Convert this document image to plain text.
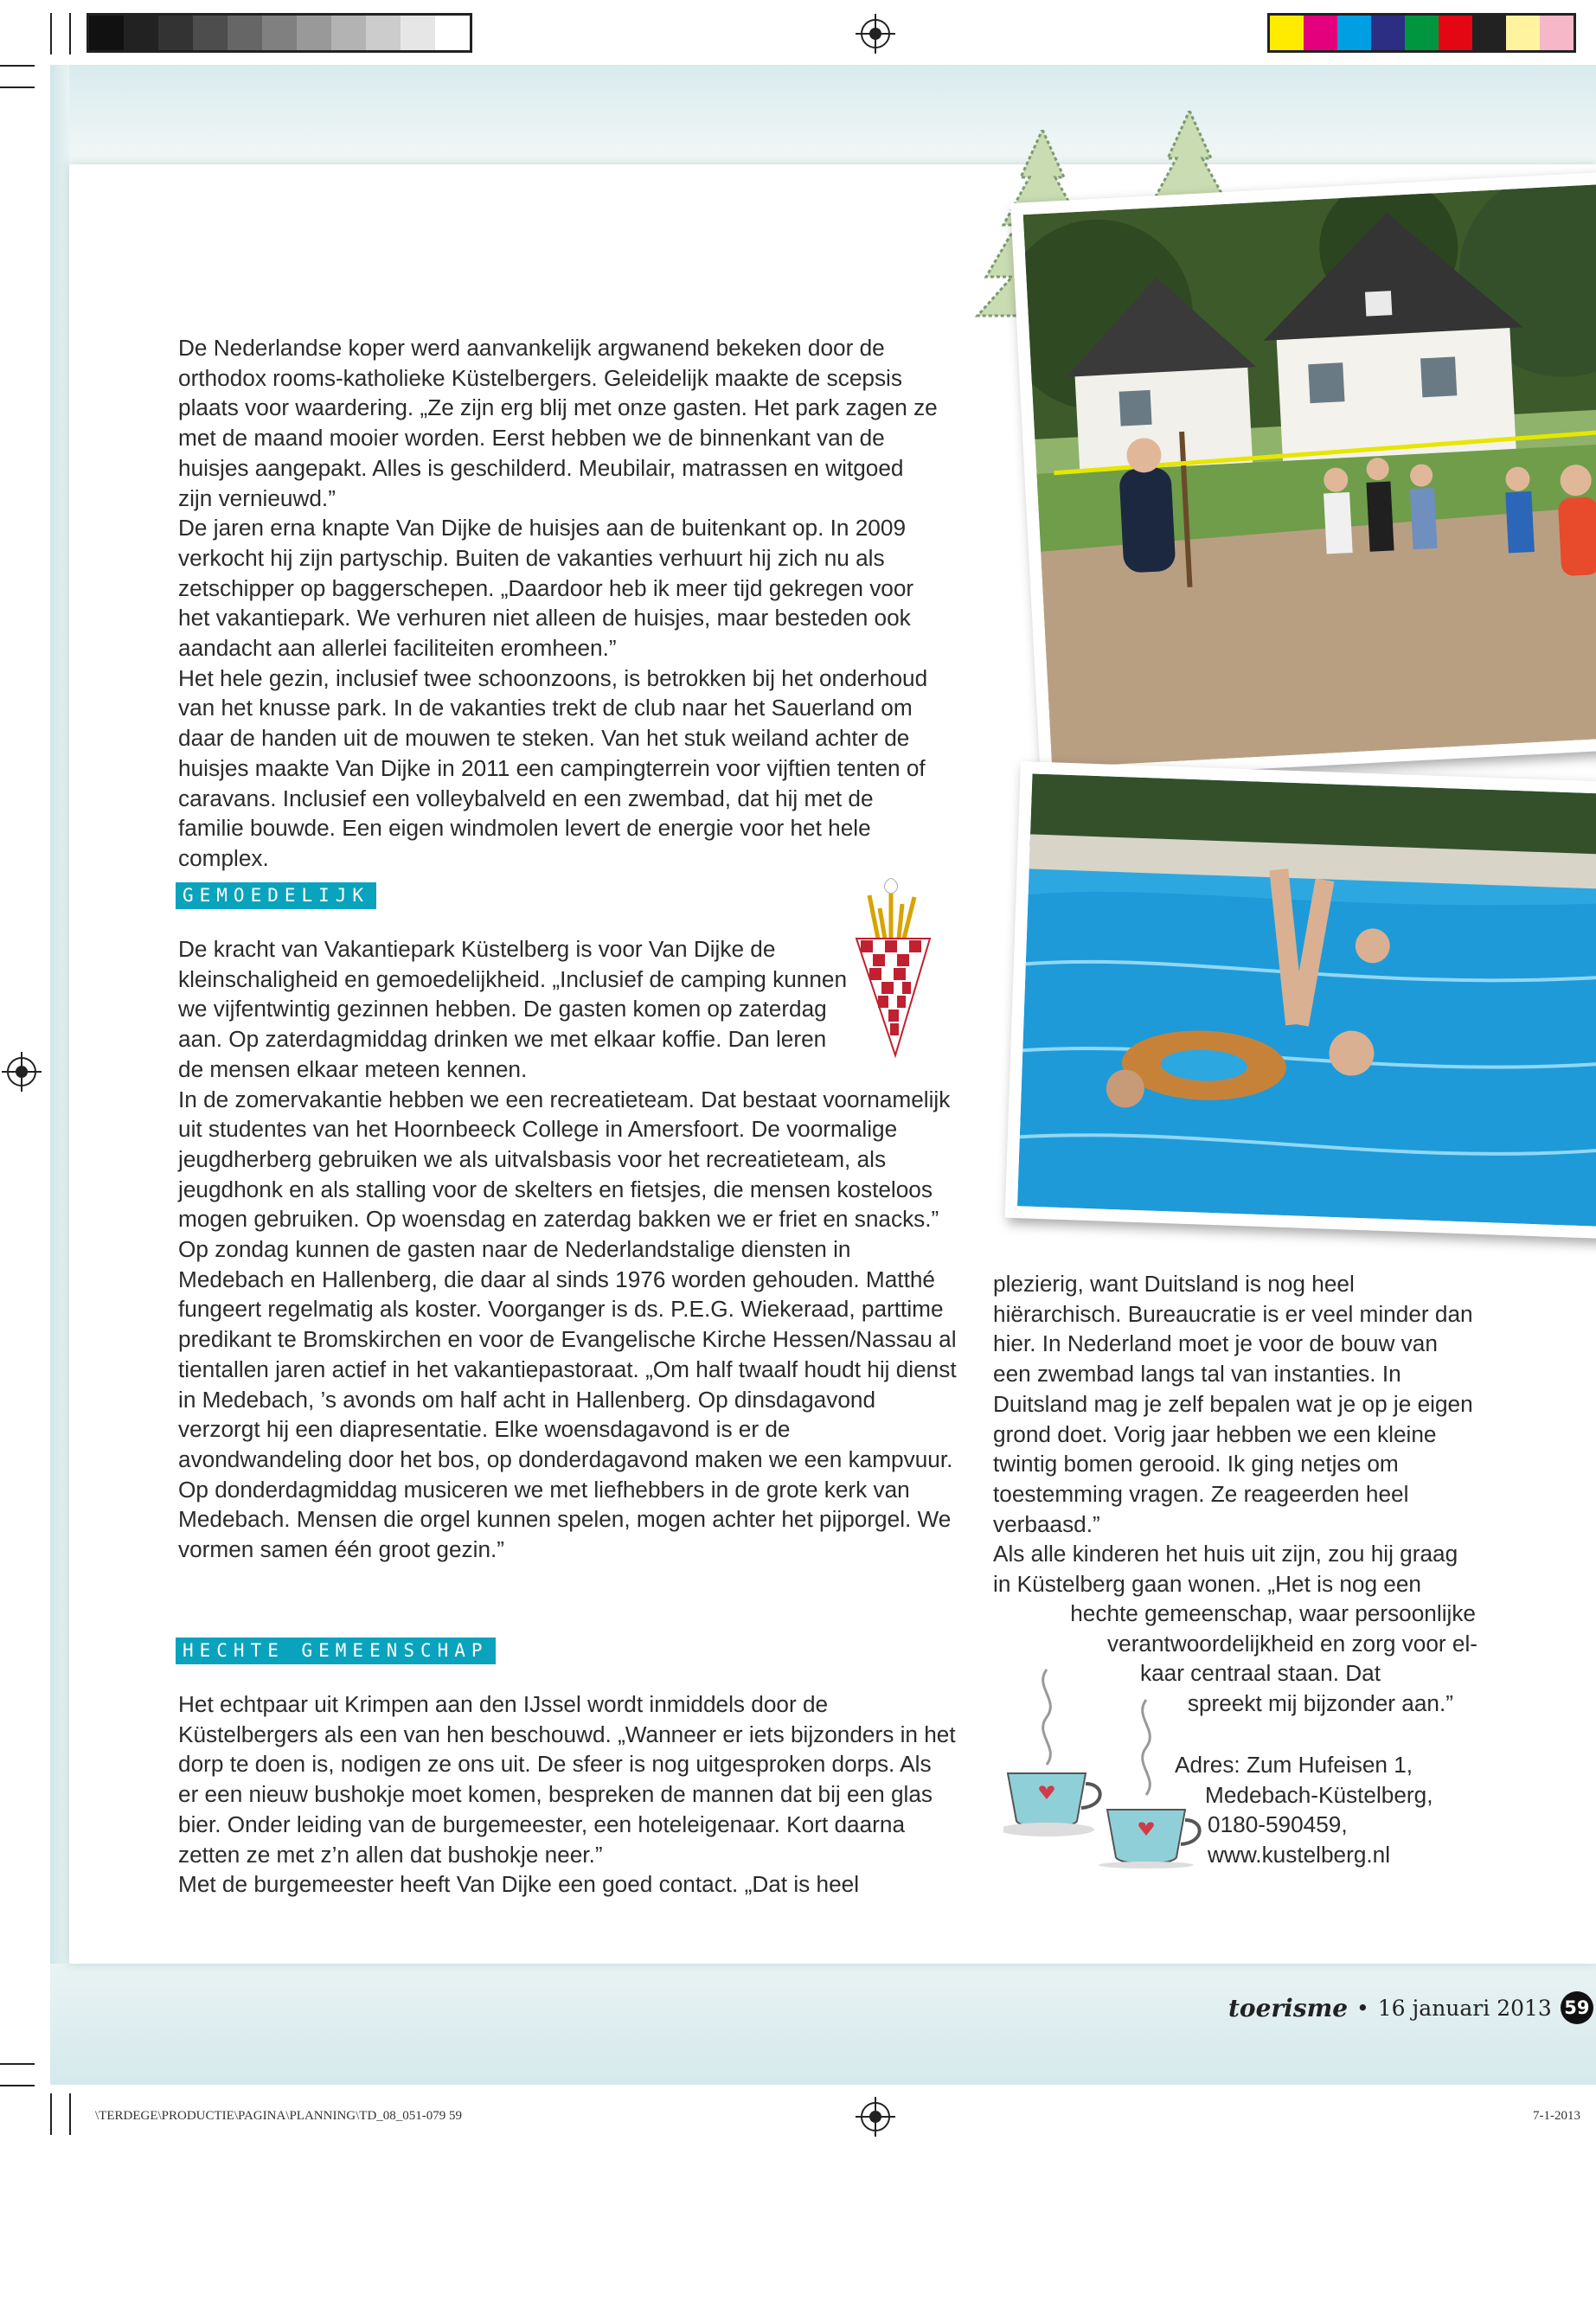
De Nederlandse koper werd aanvankelijk argwanend bekeken door de orthodox rooms-katholieke Küstelbergers. Geleidelijk maakte de scepsis plaats voor waardering. „Ze zijn erg blij met onze gasten. Het park zagen ze met de maand mooier worden. Eerst hebben we de binnenkant van de huisjes aangepakt. Alles is geschilderd. Meubilair, matrassen en witgoed zijn vernieuwd.”

De jaren erna knapte Van Dijke de huisjes aan de buitenkant op. In 2009 verkocht hij zijn partyschip. Buiten de vakanties verhuurt hij zich nu als zetschipper op baggerschepen. „Daardoor heb ik meer tijd gekregen voor het vakantiepark. We verhuren niet alleen de huisjes, maar besteden ook aandacht aan allerlei faciliteiten eromheen.”

Het hele gezin, inclusief twee schoonzoons, is betrokken bij het onderhoud van het knusse park. In de vakanties trekt de club naar het Sauerland om daar de handen uit de mouwen te steken. Van het stuk weiland achter de huisjes maakte Van Dijke in 2011 een campingterrein voor vijftien tenten of caravans. Inclusief een volleybalveld en een zwembad, dat hij met de familie bouwde. Een eigen windmolen levert de energie voor het hele complex.

GEMOEDELIJK

De kracht van Vakantiepark Küstelberg is voor Van Dijke de kleinschaligheid en gemoedelijkheid. „Inclusief de camping kunnen we vijfentwintig gezinnen hebben. De gasten komen op zaterdag aan. Op zaterdagmiddag drinken we met elkaar koffie. Dan leren de mensen elkaar meteen kennen.

In de zomervakantie hebben we een recreatieteam. Dat bestaat voornamelijk uit studentes van het Hoornbeeck College in Amersfoort. De voormalige jeugdherberg gebruiken we als uitvalsbasis voor het recreatieteam, als jeugdhonk en als stalling voor de skelters en fietsjes, die mensen kosteloos mogen gebruiken. Op woensdag en zaterdag bakken we er friet en snacks.”

Op zondag kunnen de gasten naar de Nederlandstalige diensten in Medebach en Hallenberg, die daar al sinds 1976 worden gehouden. Matthé fungeert regelmatig als koster. Voorganger is ds. P.E.G. Wiekeraad, parttime predikant te Bromskirchen en voor de Evangelische Kirche Hessen/Nassau al tientallen jaren actief in het vakantiepastoraat. „Om half twaalf houdt hij dienst in Medebach, ’s avonds om half acht in Hallenberg. Op dinsdagavond verzorgt hij een diapresentatie. Elke woensdagavond is er de avondwandeling door het bos, op donderdagavond maken we een kampvuur. Op donderdagmiddag musiceren we met liefhebbers in de grote kerk van Medebach. Mensen die orgel kunnen spelen, mogen achter het pijporgel. We vormen samen één groot gezin.”

HECHTE GEMEENSCHAP

Het echtpaar uit Krimpen aan den IJssel wordt inmiddels door de Küstelbergers als een van hen beschouwd. „Wanneer er iets bijzonders in het dorp te doen is, nodigen ze ons uit. De sfeer is nog uitgesproken dorps. Als er een nieuw bushokje moet komen, bespreken de mannen dat bij een glas bier. Onder leiding van de burgemeester, een hoteleigenaar. Kort daarna zetten ze met z’n allen dat bushokje neer.”

Met de burgemeester heeft Van Dijke een goed contact. „Dat is heel

plezierig, want Duitsland is nog heel hiërarchisch. Bureaucratie is er veel minder dan hier. In Nederland moet je voor de bouw van een zwembad langs tal van instanties. In Duitsland mag je zelf bepalen wat je op je eigen grond doet. Vorig jaar hebben we een kleine twintig bomen gerooid. Ik ging netjes om toestemming vragen. Ze reageerden heel verbaasd.”

Als alle kinderen het huis uit zijn, zou hij graag in Küstelberg gaan wonen. „Het is nog een

hechte gemeenschap, waar persoonlijke

verantwoordelijkheid en zorg voor el-

kaar centraal staan. Dat

spreekt mij bijzonder aan.”

Adres: Zum Hufeisen 1,

Medebach-Küstelberg,

0180-590459,

www.kustelberg.nl

toerisme • 16 januari 2013 59
\TERDEGE\PRODUCTIE\PAGINA\PLANNING\TD_08_051-079 59	7-1-2013
